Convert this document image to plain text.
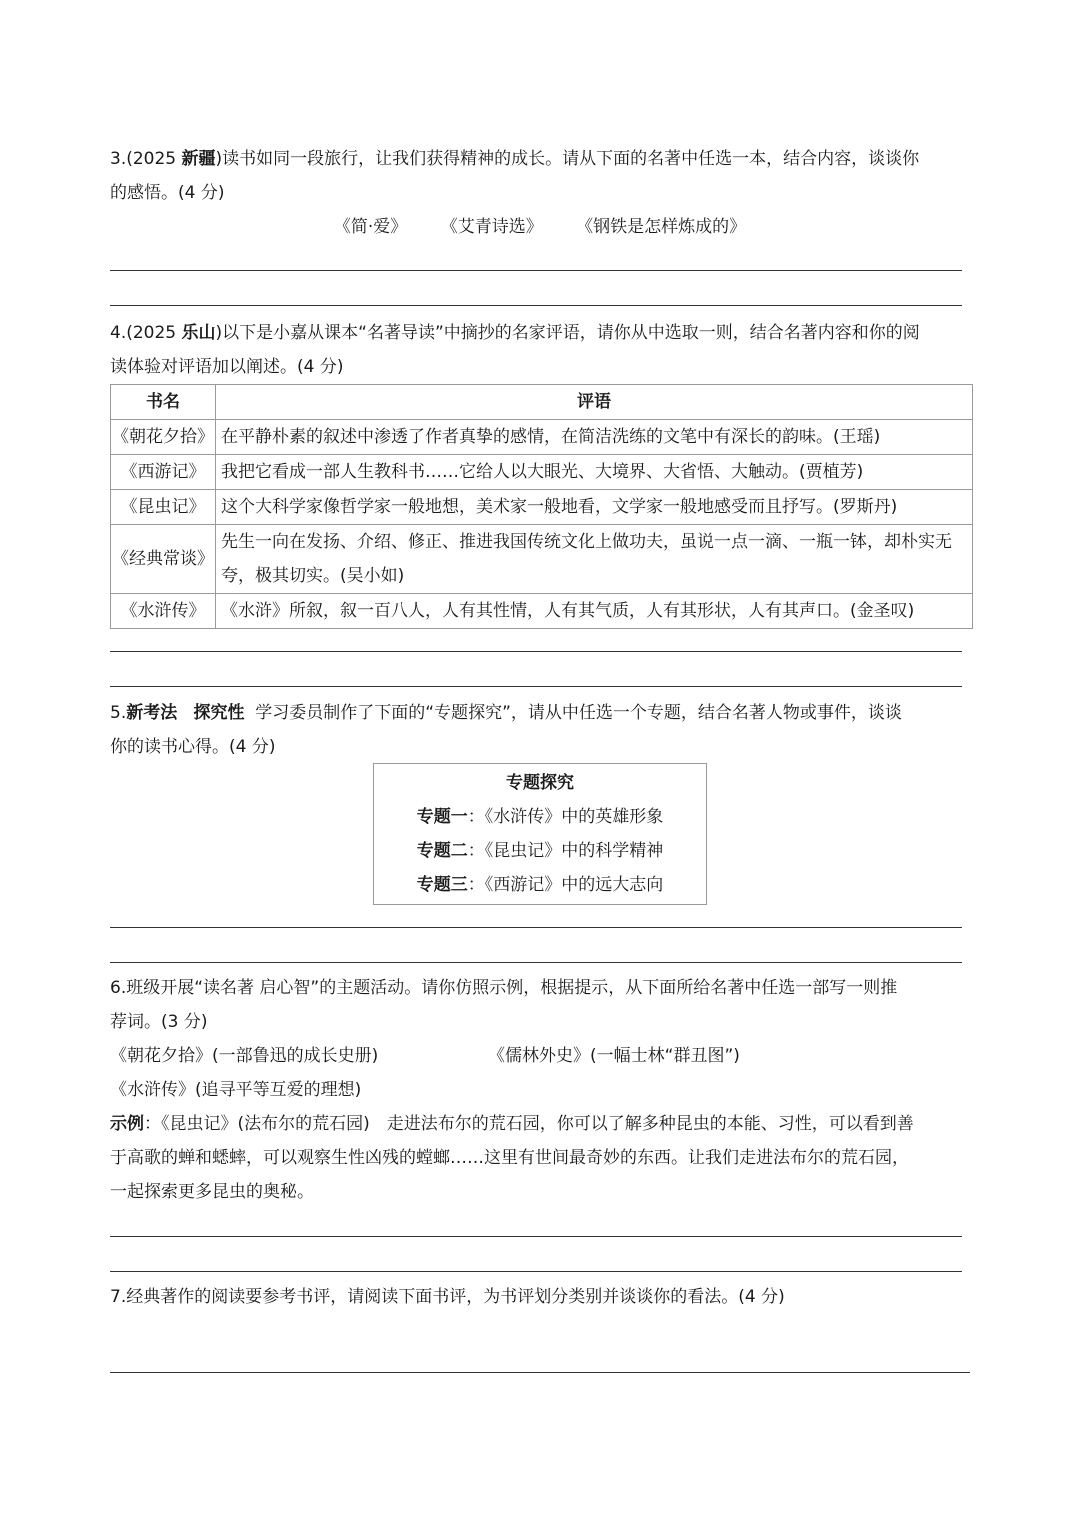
3.(2025 新疆)读书如同一段旅行，让我们获得精神的成长。请从下面的名著中任选一本，结合内容，谈谈你

的感悟。(4 分)

《简·爱》 《艾青诗选》 《钢铁是怎样炼成的》

4.(2025 乐山)以下是小嘉从课本“名著导读”中摘抄的名家评语，请你从中选取一则，结合名著内容和你的阅

读体验对评语加以阐述。(4 分)

书名	评语
《朝花夕拾》	在平静朴素的叙述中渗透了作者真挚的感情，在简洁洗练的文笔中有深长的韵味。(王瑶)
《西游记》	我把它看成一部人生教科书……它给人以大眼光、大境界、大省悟、大触动。(贾植芳)
《昆虫记》	这个大科学家像哲学家一般地想，美术家一般地看，文学家一般地感受而且抒写。(罗斯丹)
《经典常谈》	先生一向在发扬、介绍、修正、推进我国传统文化上做功夫，虽说一点一滴、一瓶一钵，却朴实无夸，极其切实。(吴小如)
《水浒传》	《水浒》所叙，叙一百八人，人有其性情，人有其气质，人有其形状，人有其声口。(金圣叹)

5.新考法 探究性 学习委员制作了下面的“专题探究”，请从中任选一个专题，结合名著人物或事件，谈谈

你的读书心得。(4 分)

专题探究
专题一：《水浒传》中的英雄形象
专题二：《昆虫记》中的科学精神
专题三：《西游记》中的远大志向

6.班级开展“读名著 启心智”的主题活动。请你仿照示例，根据提示，从下面所给名著中任选一部写一则推

荐词。(3 分)

《朝花夕拾》(一部鲁迅的成长史册)	《儒林外史》(一幅士林“群丑图”)

《水浒传》(追寻平等互爱的理想)

示例：《昆虫记》(法布尔的荒石园)　走进法布尔的荒石园，你可以了解多种昆虫的本能、习性，可以看到善

于高歌的蝉和蟋蟀，可以观察生性凶残的螳螂……这里有世间最奇妙的东西。让我们走进法布尔的荒石园，

一起探索更多昆虫的奥秘。

7.经典著作的阅读要参考书评，请阅读下面书评，为书评划分类别并谈谈你的看法。(4 分)
